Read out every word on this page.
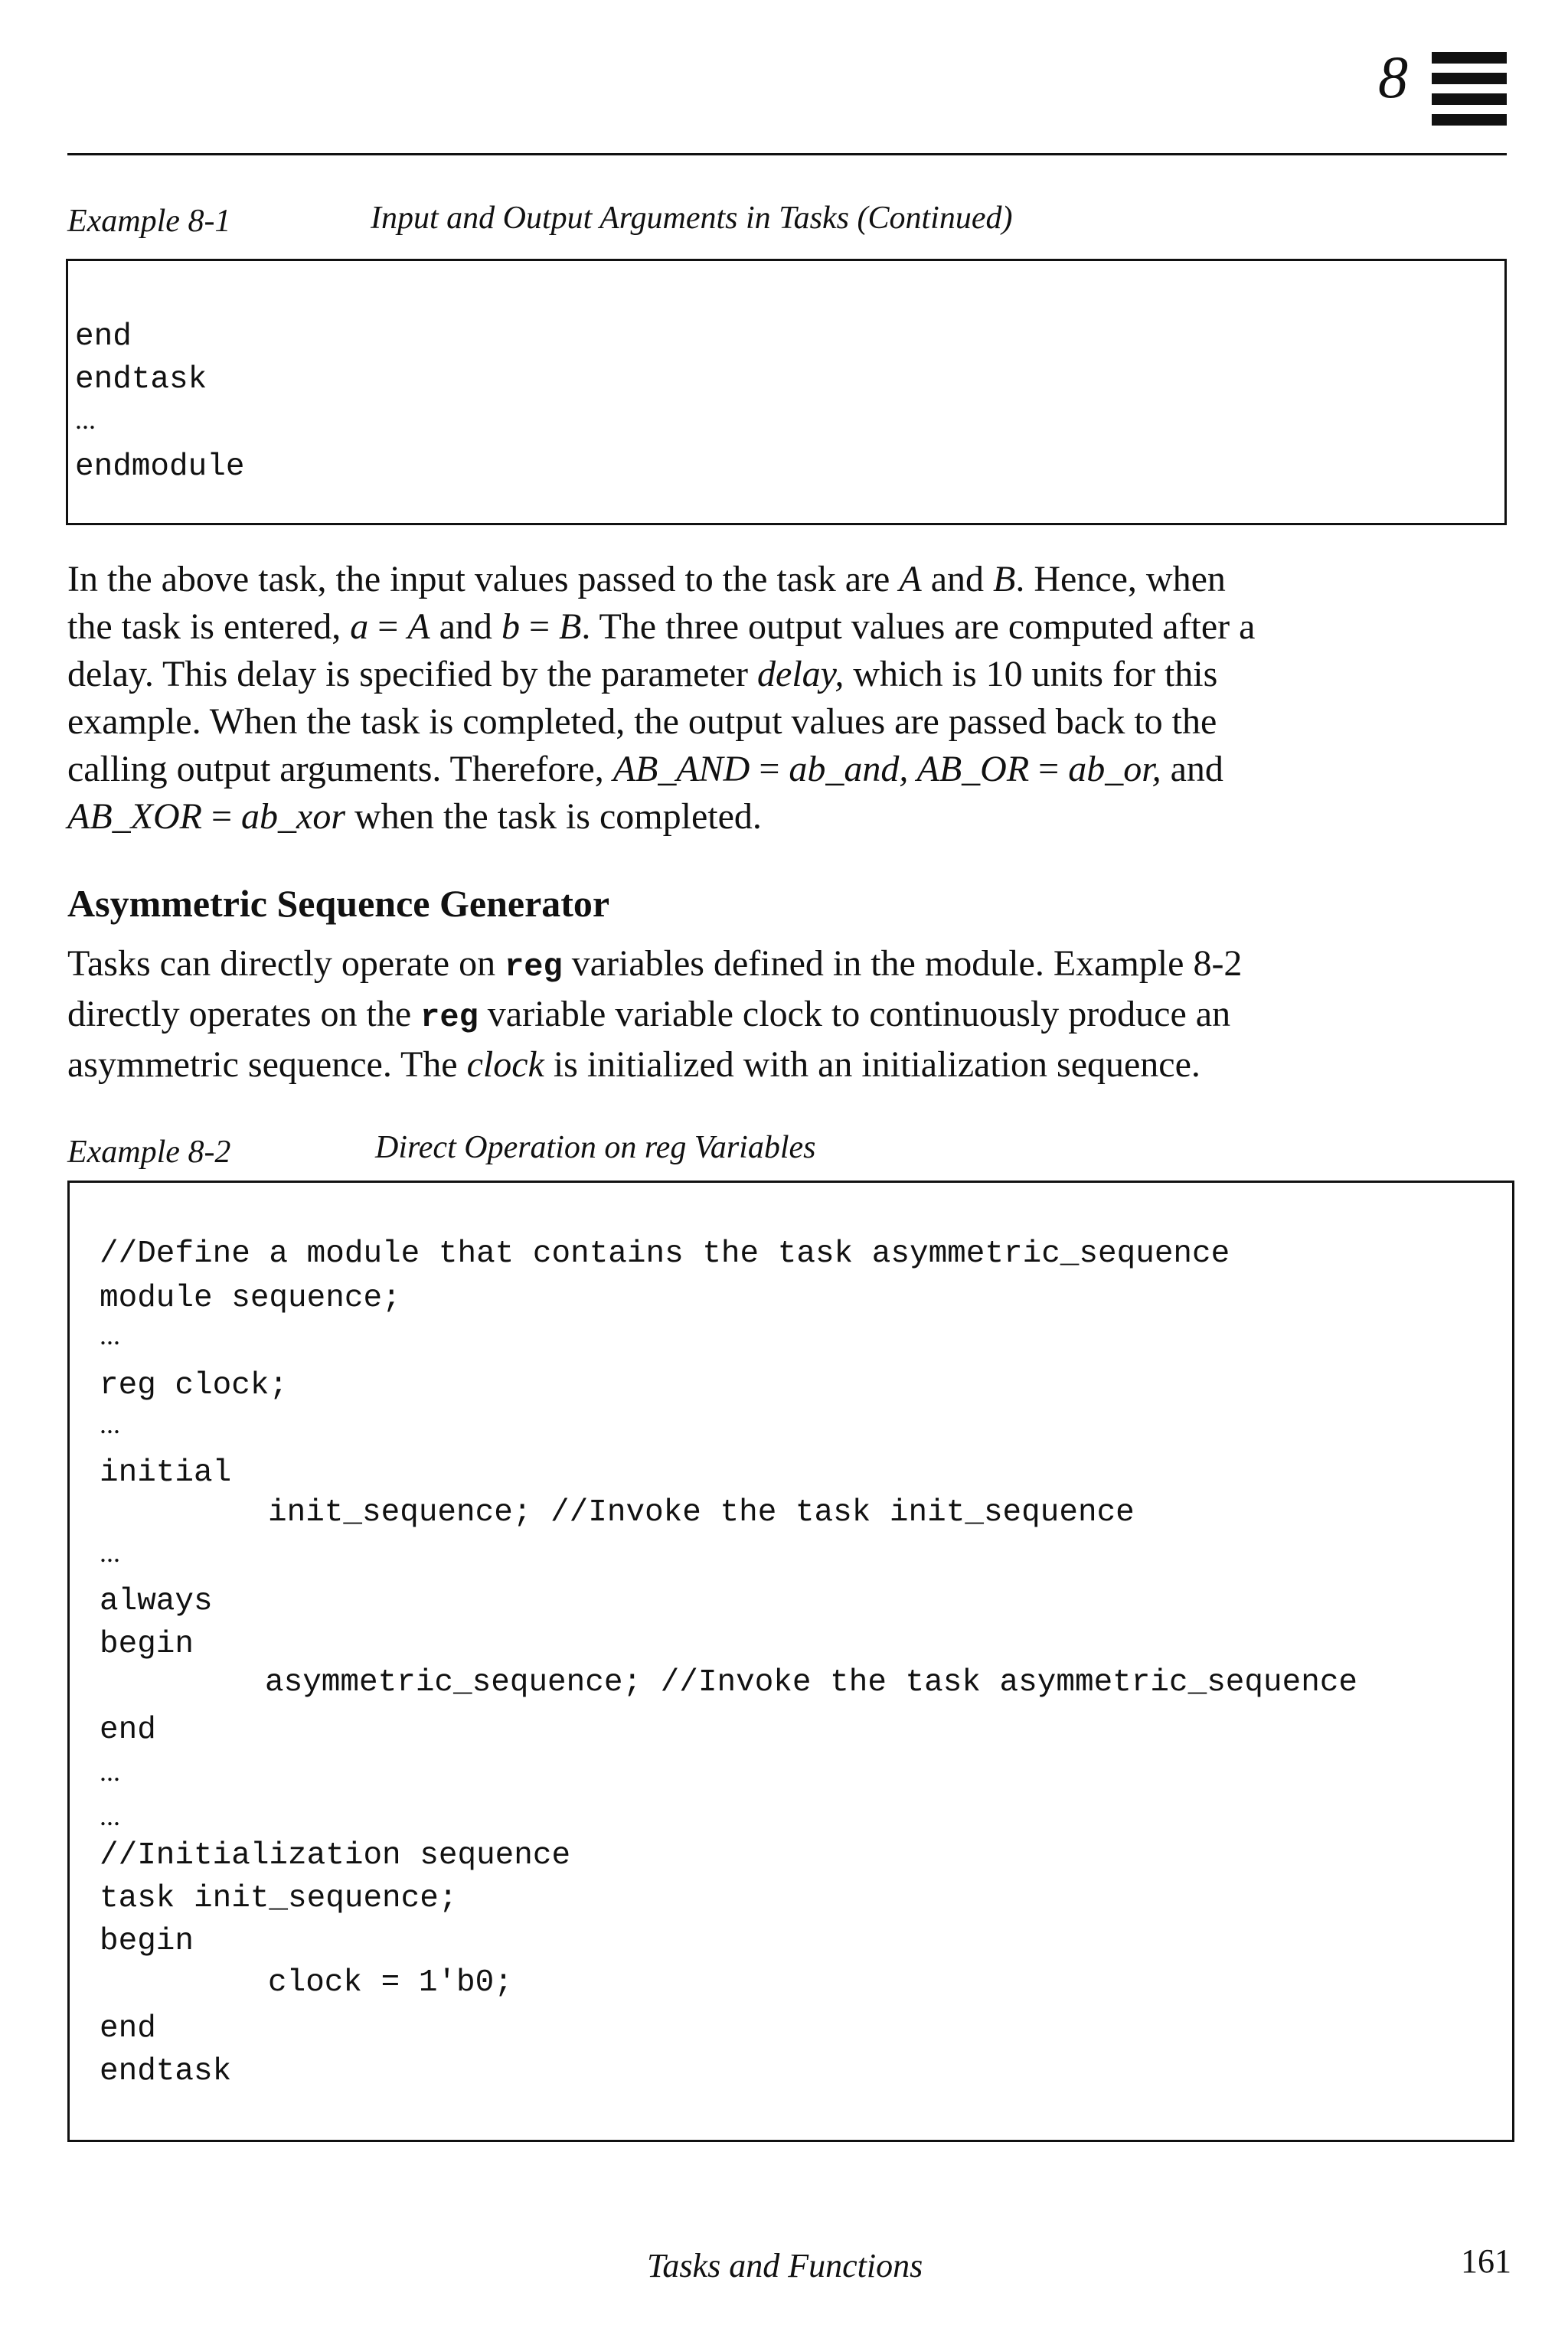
8
Example 8-1	Input and Output Arguments in Tasks (Continued)
end
endtask
...
endmodule
In the above task, the input values passed to the task are A and B. Hence, when
the task is entered, a = A and b = B. The three output values are computed after a
delay. This delay is specified by the parameter delay, which is 10 units for this
example. When the task is completed, the output values are passed back to the
calling output arguments. Therefore, AB_AND = ab_and, AB_OR = ab_or, and
AB_XOR = ab_xor when the task is completed.
Asymmetric Sequence Generator
Tasks can directly operate on reg variables defined in the module. Example 8-2
directly operates on the reg variable variable clock to continuously produce an
asymmetric sequence. The clock is initialized with an initialization sequence.
Example 8-2	Direct Operation on reg Variables
//Define a module that contains the task asymmetric_sequence
module sequence;
...
reg clock;
...
initial
init_sequence; //Invoke the task init_sequence
...
always
begin
asymmetric_sequence; //Invoke the task asymmetric_sequence
end
...
...
//Initialization sequence
task init_sequence;
begin
clock = 1'b0;
end
endtask
Tasks and Functions	161
